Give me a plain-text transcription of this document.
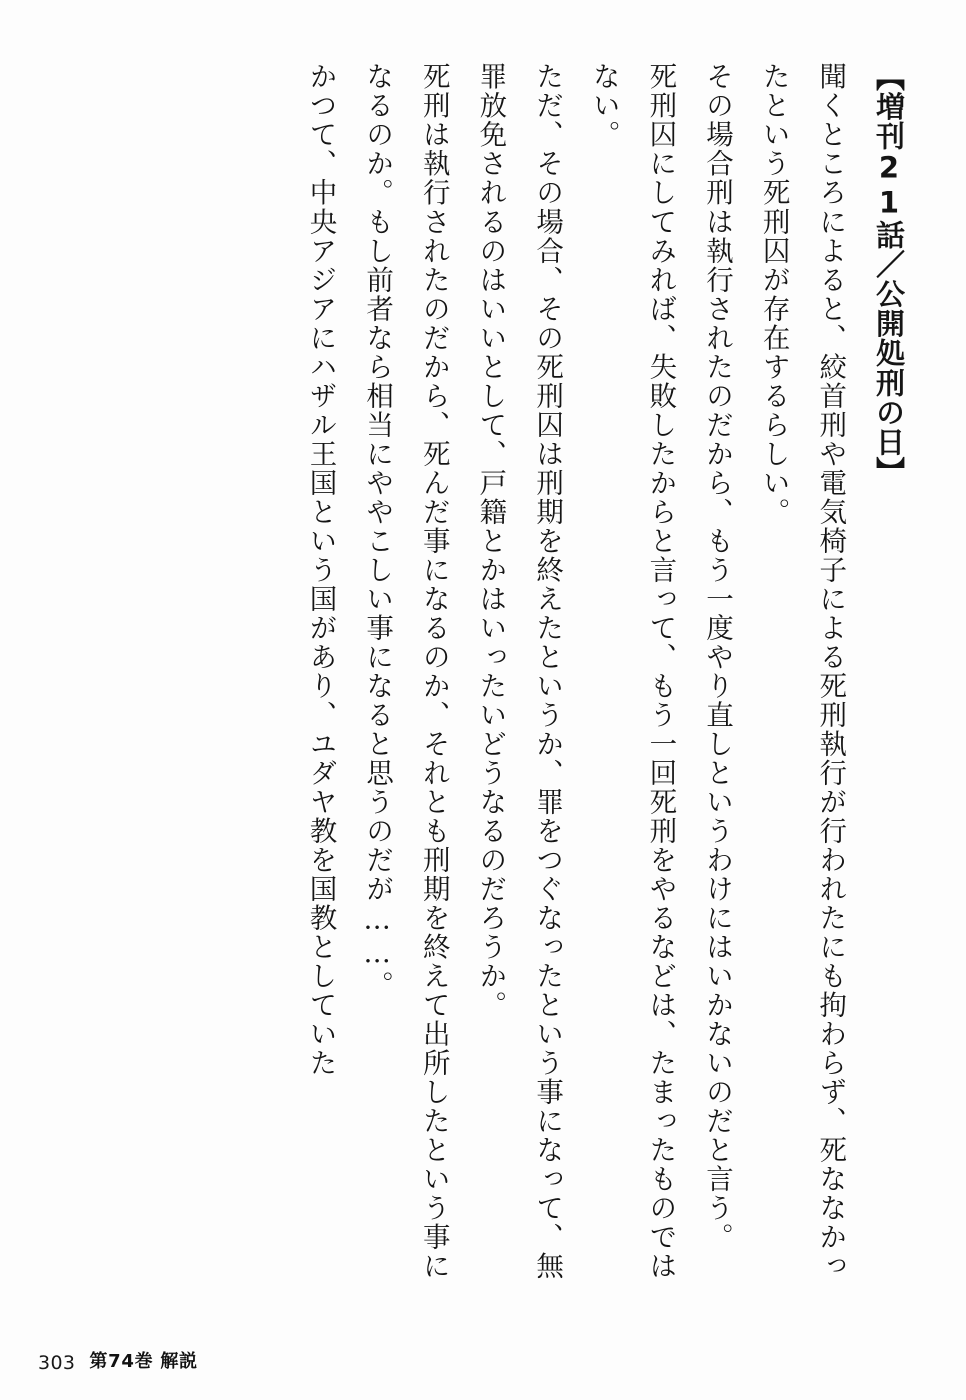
【増刊21話／公開処刑の日】

聞くところによると、絞首刑や電気椅子による死刑執行が行われたにも拘わらず、死ななかったという死刑囚が存在するらしい。

その場合刑は執行されたのだから、もう一度やり直しというわけにはいかないのだと言う。

死刑囚にしてみれば、失敗したからと言って、もう一回死刑をやるなどは、たまったものではない。

ただ、その場合、その死刑囚は刑期を終えたというか、罪をつぐなったという事になって、無罪放免されるのはいいとして、戸籍とかはいったいどうなるのだろうか。

死刑は執行されたのだから、死んだ事になるのか、それとも刑期を終えて出所したという事になるのか。もし前者なら相当にややこしい事になると思うのだが……。

かつて、中央アジアにハザル王国という国があり、ユダヤ教を国教としていた

303 第74巻 解説
